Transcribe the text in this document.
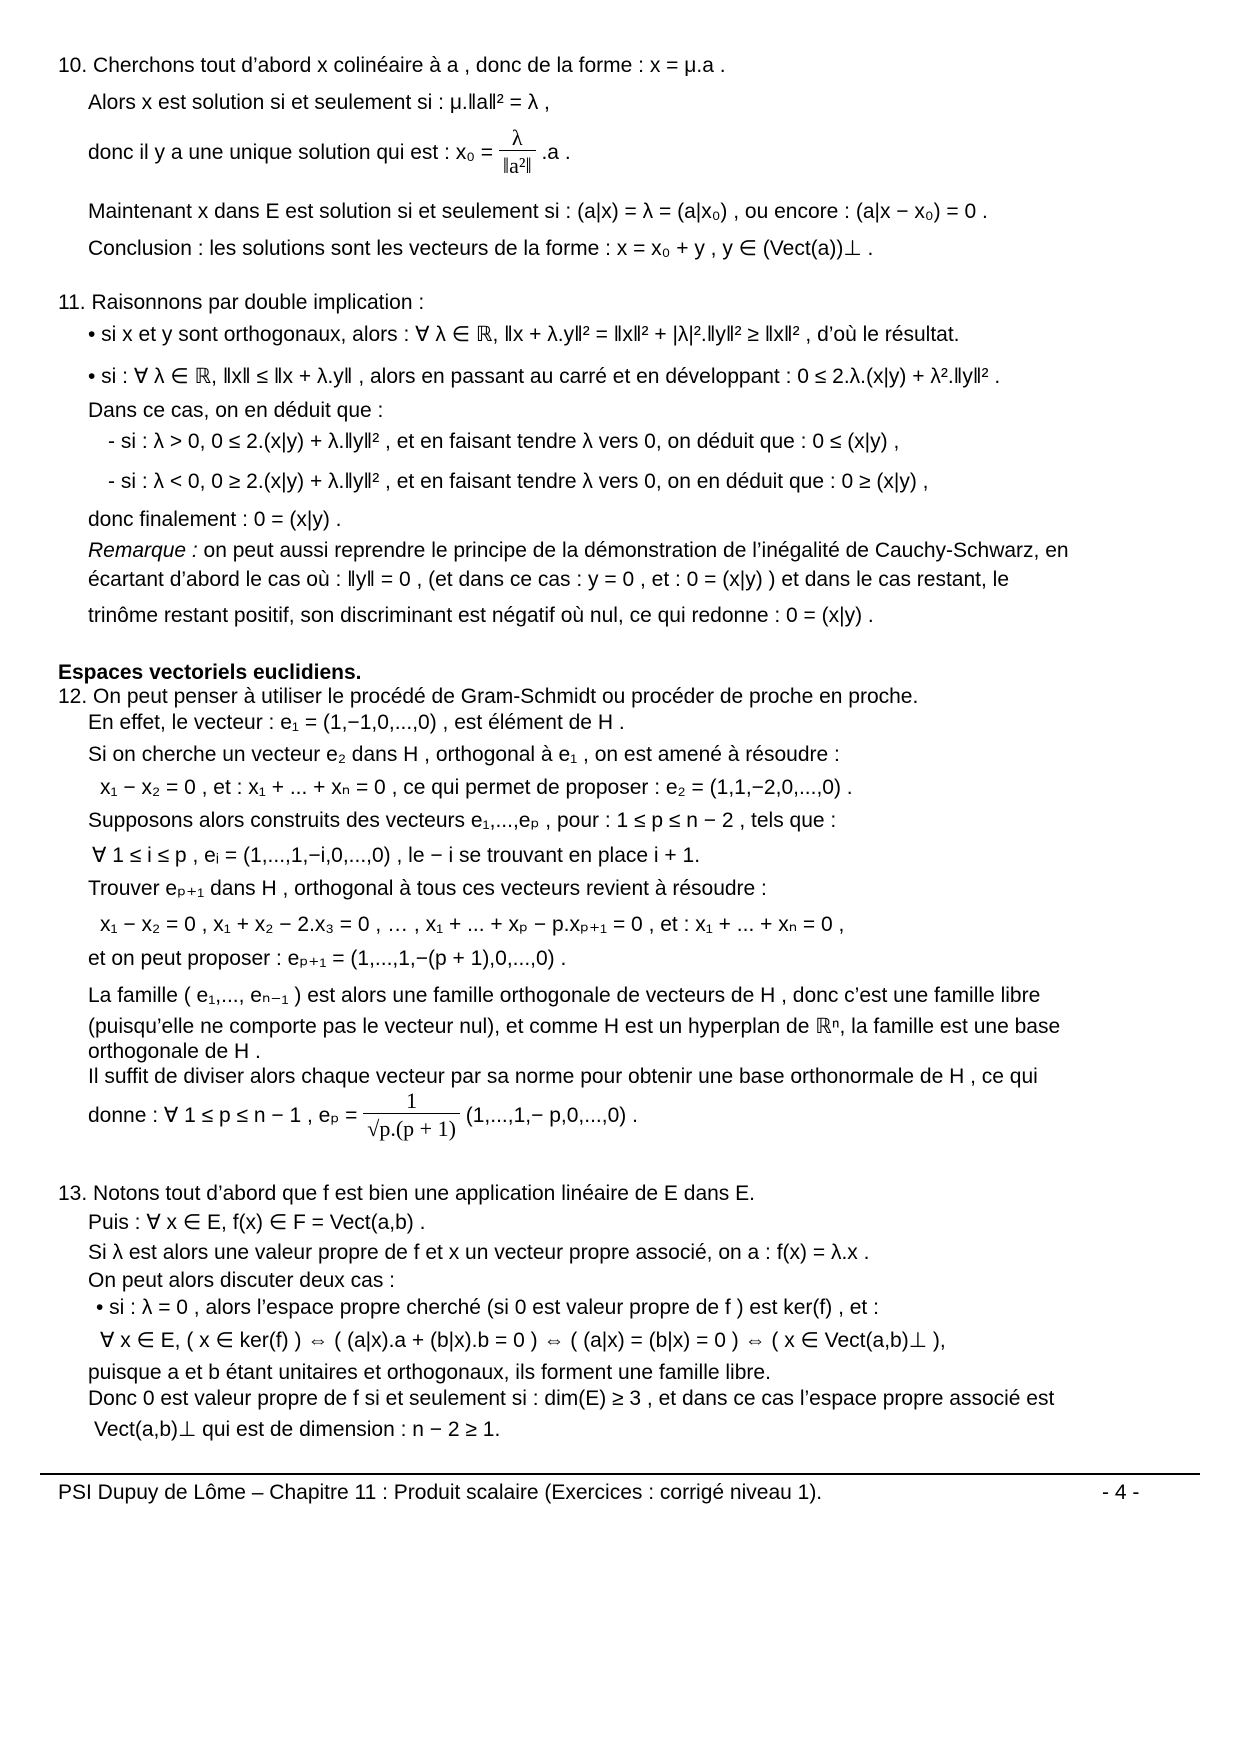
10. Cherchons tout d’abord x colinéaire à a , donc de la forme : x = μ.a .
Alors x est solution si et seulement si : μ.‖a‖² = λ ,
donc il y a une unique solution qui est : $x_0 = \frac{\lambda}{\text{‖a²‖}} .a$ .
Maintenant x dans E est solution si et seulement si : (a|x) = λ = (a|x₀) , ou encore : (a|x − x₀) = 0 .
Conclusion : les solutions sont les vecteurs de la forme : x = x₀ + y , y ∈ (Vect(a))⊥ .
11. Raisonnons par double implication :
• si x et y sont orthogonaux, alors : ∀ λ ∈ ℝ, ‖x + λ.y‖² = ‖x‖² + |λ|².‖y‖² ≥ ‖x‖² , d’où le résultat.
• si : ∀ λ ∈ ℝ, ‖x‖ ≤ ‖x + λ.y‖ , alors en passant au carré et en développant : 0 ≤ 2.λ.(x|y) + λ².‖y‖² .
Dans ce cas, on en déduit que :
- si : λ > 0, 0 ≤ 2.(x|y) + λ.‖y‖² , et en faisant tendre λ vers 0, on déduit que : 0 ≤ (x|y) ,
- si : λ < 0, 0 ≥ 2.(x|y) + λ.‖y‖² , et en faisant tendre λ vers 0, on en déduit que : 0 ≥ (x|y) ,
donc finalement : 0 = (x|y) .
Remarque : on peut aussi reprendre le principe de la démonstration de l’inégalité de Cauchy-Schwarz, en
écartant d’abord le cas où : ‖y‖ = 0 , (et dans ce cas : y = 0 , et : 0 = (x|y) ) et dans le cas restant, le
trinôme restant positif, son discriminant est négatif où nul, ce qui redonne : 0 = (x|y) .
Espaces vectoriels euclidiens.
12. On peut penser à utiliser le procédé de Gram-Schmidt ou procéder de proche en proche.
En effet, le vecteur : e₁ = (1,−1,0,...,0) , est élément de H .
Si on cherche un vecteur e₂ dans H , orthogonal à e₁ , on est amené à résoudre :
x₁ − x₂ = 0 , et : x₁ + ... + xₙ = 0 , ce qui permet de proposer : e₂ = (1,1,−2,0,...,0) .
Supposons alors construits des vecteurs e₁,...,eₚ , pour : 1 ≤ p ≤ n − 2 , tels que :
∀ 1 ≤ i ≤ p , eᵢ = (1,...,1,−i,0,...,0) , le − i se trouvant en place i + 1.
Trouver eₚ₊₁ dans H , orthogonal à tous ces vecteurs revient à résoudre :
x₁ − x₂ = 0 , x₁ + x₂ − 2.x₃ = 0 , … , x₁ + ... + xₚ − p.xₚ₊₁ = 0 , et : x₁ + ... + xₙ = 0 ,
et on peut proposer : eₚ₊₁ = (1,...,1,−(p + 1),0,...,0) .
La famille ( e₁,..., eₙ₋₁ ) est alors une famille orthogonale de vecteurs de H , donc c’est une famille libre
(puisqu’elle ne comporte pas le vecteur nul), et comme H est un hyperplan de ℝⁿ, la famille est une base
orthogonale de H .
Il suffit de diviser alors chaque vecteur par sa norme pour obtenir une base orthonormale de H , ce qui
donne : ∀ 1 ≤ p ≤ n − 1 , $e_p = \frac{1}{√p.(p + 1)} (1,...,1,- p,0,...,0)$ .
13. Notons tout d’abord que f est bien une application linéaire de E dans E.
Puis : ∀ x ∈ E, f(x) ∈ F = Vect(a,b) .
Si λ est alors une valeur propre de f et x un vecteur propre associé, on a : f(x) = λ.x .
On peut alors discuter deux cas :
• si : λ = 0 , alors l’espace propre cherché (si 0 est valeur propre de f ) est ker(f) , et :
∀ x ∈ E, ( x ∈ ker(f) ) ⇔ ( (a|x).a + (b|x).b = 0 ) ⇔ ( (a|x) = (b|x) = 0 ) ⇔ ( x ∈ Vect(a,b)⊥ ),
puisque a et b étant unitaires et orthogonaux, ils forment une famille libre.
Donc 0 est valeur propre de f si et seulement si : dim(E) ≥ 3 , et dans ce cas l’espace propre associé est
Vect(a,b)⊥ qui est de dimension : n − 2 ≥ 1.
PSI Dupuy de Lôme – Chapitre 11 : Produit scalaire (Exercices : corrigé niveau 1).	- 4 -
